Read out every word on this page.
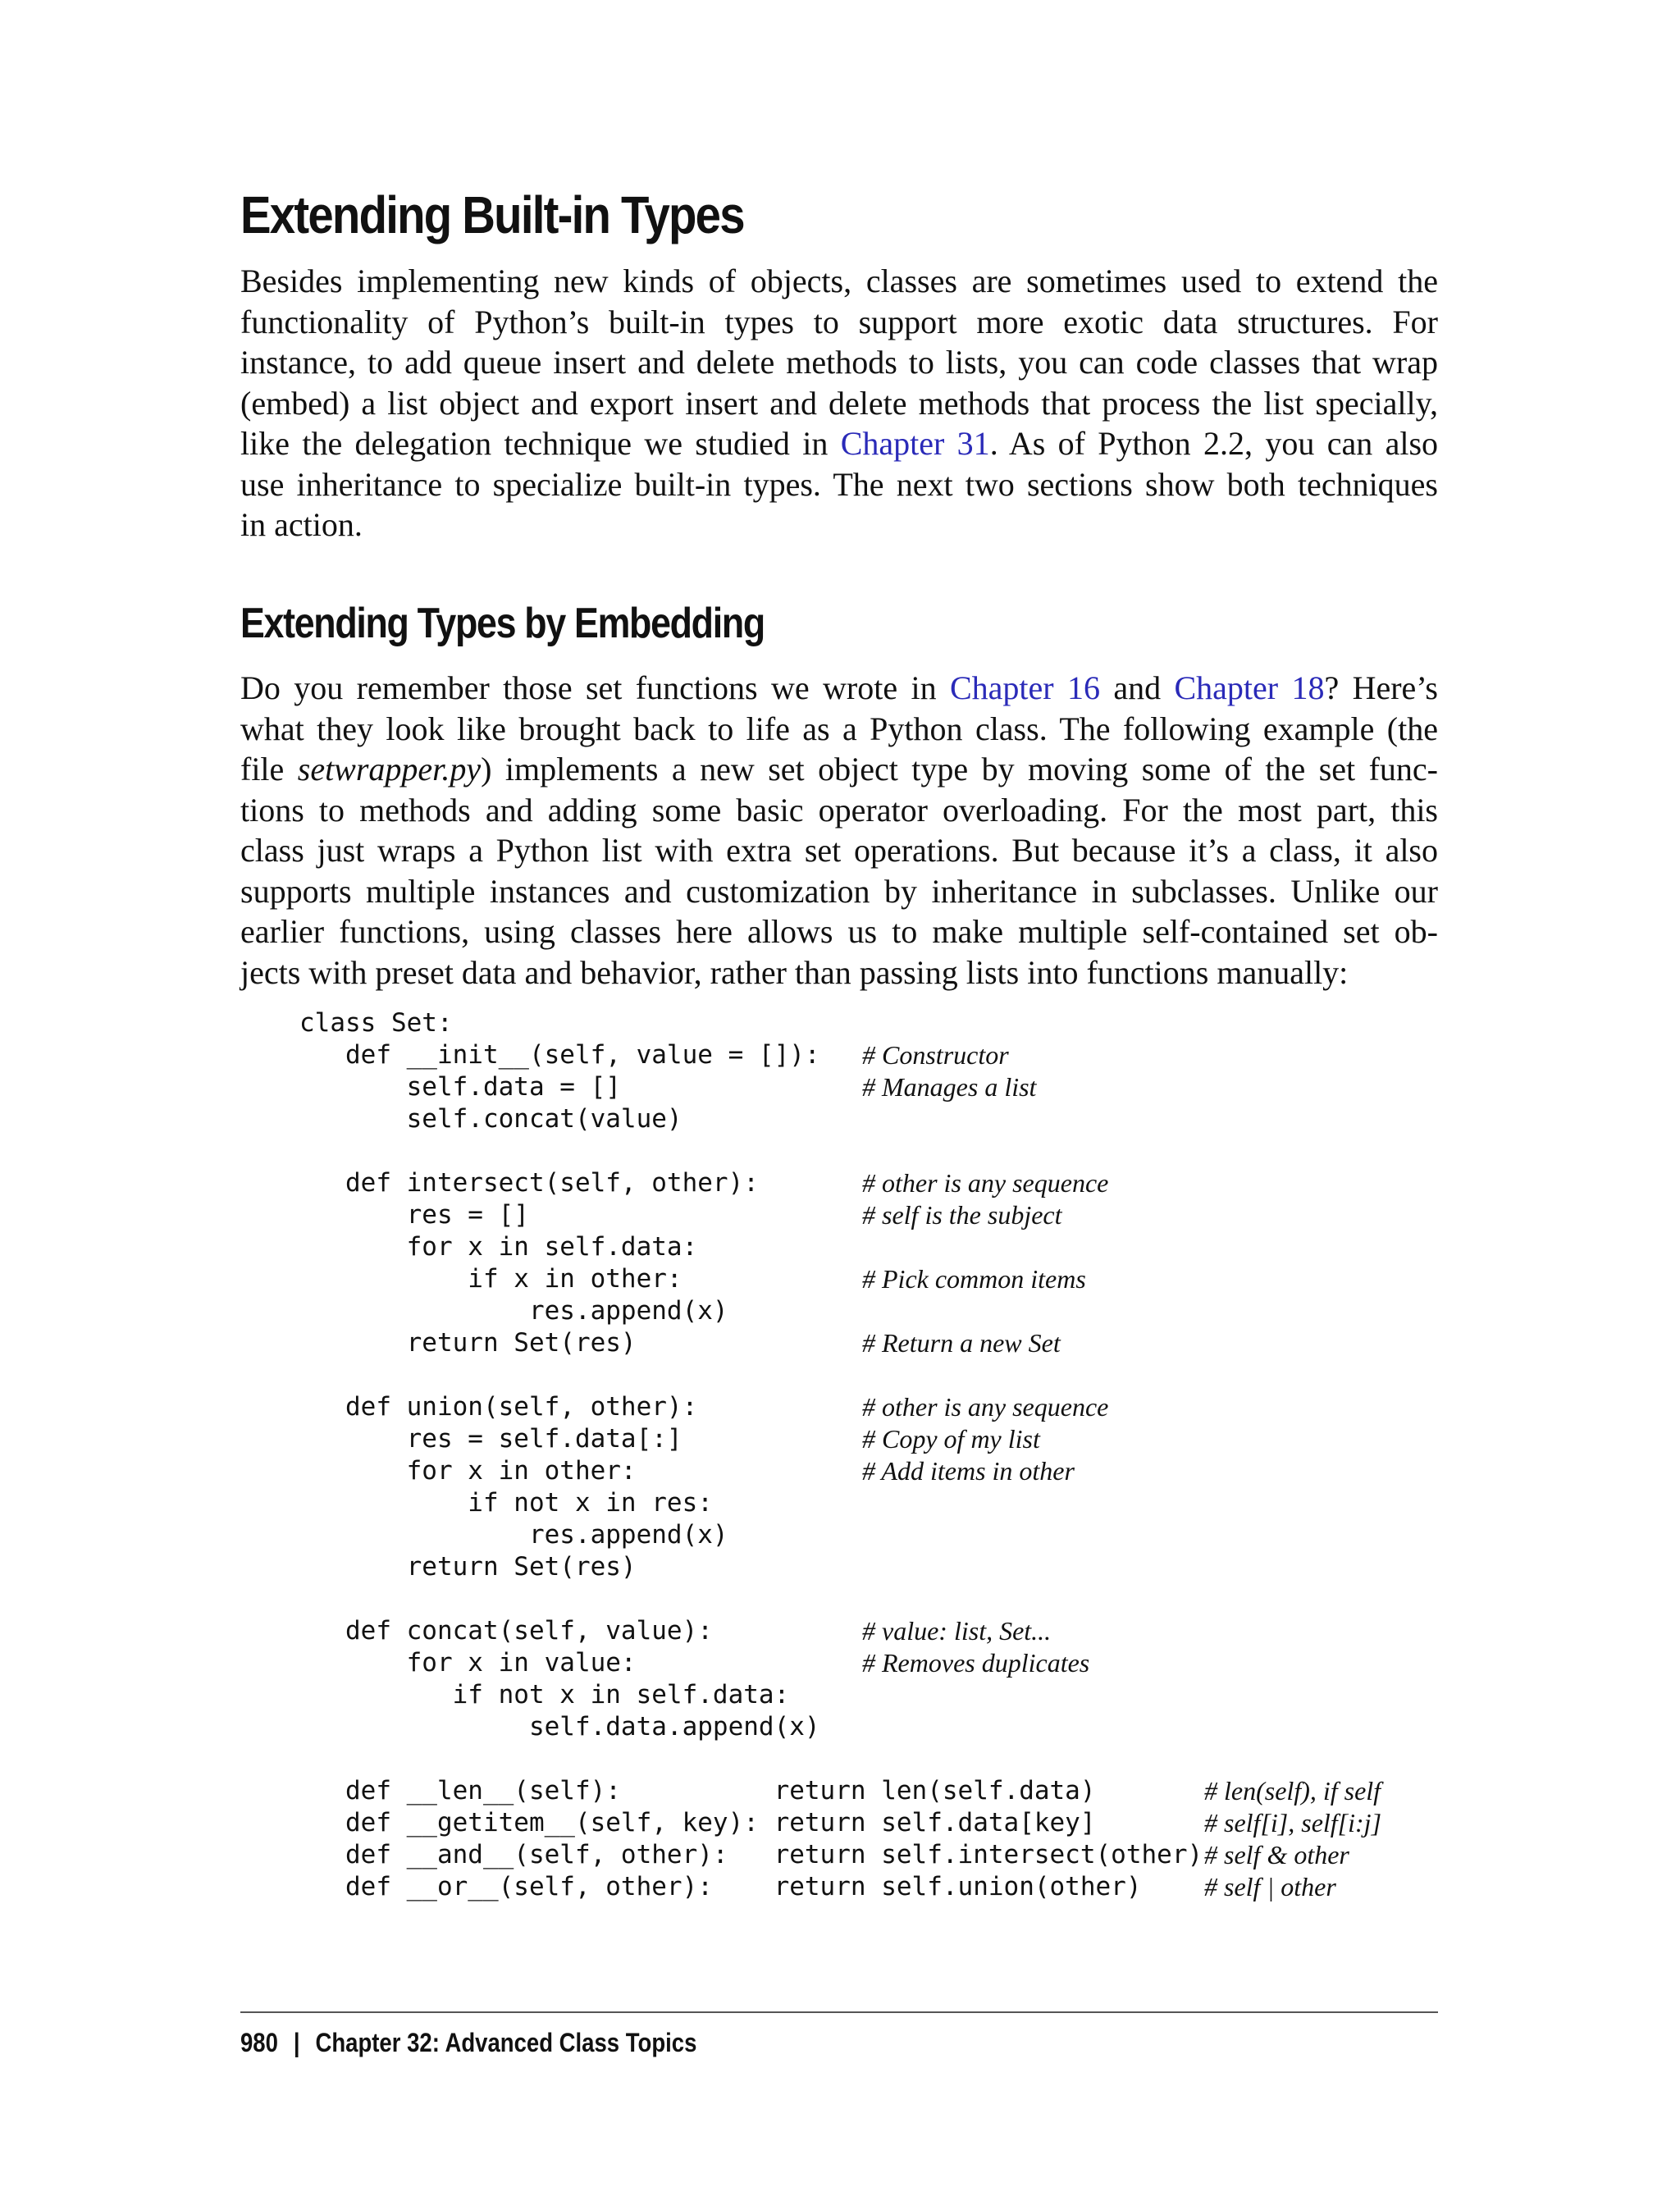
Extending Built-in Types
Besides implementing new kinds of objects, classes are sometimes used to extend the
functionality of Python’s built-in types to support more exotic data structures. For
instance, to add queue insert and delete methods to lists, you can code classes that wrap
(embed) a list object and export insert and delete methods that process the list specially,
like the delegation technique we studied in Chapter 31. As of Python 2.2, you can also
use inheritance to specialize built-in types. The next two sections show both techniques
in action.
Extending Types by Embedding
Do you remember those set functions we wrote in Chapter 16 and Chapter 18? Here’s
what they look like brought back to life as a Python class. The following example (the
file setwrapper.py) implements a new set object type by moving some of the set func-
tions to methods and adding some basic operator overloading. For the most part, this
class just wraps a Python list with extra set operations. But because it’s a class, it also
supports multiple instances and customization by inheritance in subclasses. Unlike our
earlier functions, using classes here allows us to make multiple self-contained set ob-
jects with preset data and behavior, rather than passing lists into functions manually:
class Set:
def __init__(self, value = []): # Constructor
self.data = []	# Manages a list
self.concat(value)
def intersect(self, other):	# other is any sequence
res = []	# self is the subject
for x in self.data:
if x in other:	# Pick common items
res.append(x)
return Set(res)	# Return a new Set
def union(self, other):	# other is any sequence
res = self.data[:]	# Copy of my list
for x in other:	# Add items in other
if not x in res:
res.append(x)
return Set(res)
def concat(self, value):	# value: list, Set...
for x in value:	# Removes duplicates
if not x in self.data:
self.data.append(x)
def __len__(self):          return len(self.data)	# len(self), if self
def __getitem__(self, key): return self.data[key]	# self[i], self[i:j]
def __and__(self, other):   return self.intersect(other) # self & other
def __or__(self, other):    return self.union(other) # self | other
980 | Chapter 32: Advanced Class Topics
